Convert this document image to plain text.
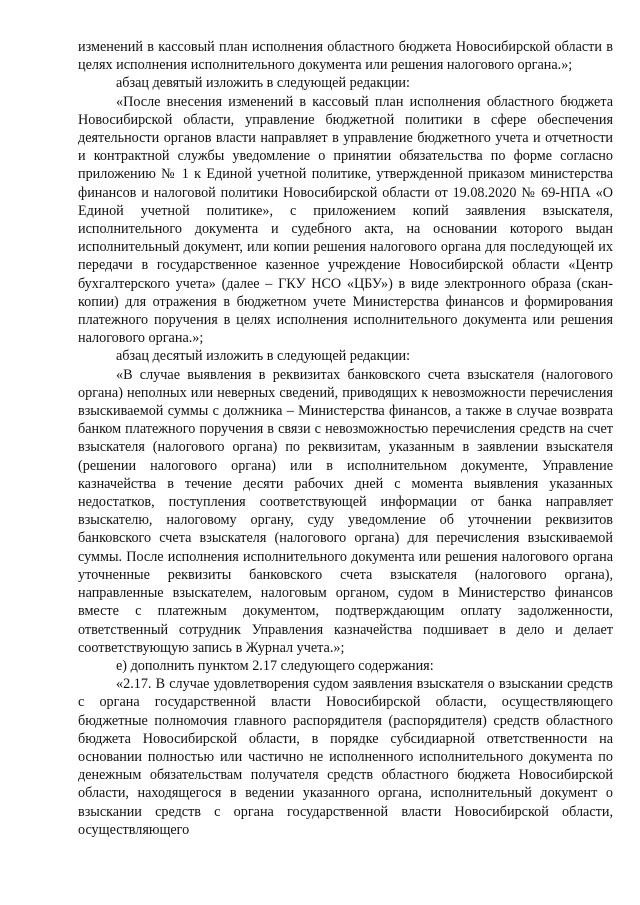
изменений в кассовый план исполнения областного бюджета Новосибирской области в целях исполнения исполнительного документа или решения налогового органа.»;

абзац девятый изложить в следующей редакции:

«После внесения изменений в кассовый план исполнения областного бюджета Новосибирской области, управление бюджетной политики в сфере обеспечения деятельности органов власти направляет в управление бюджетного учета и отчетности и контрактной службы уведомление о принятии обязательства по форме согласно приложению № 1 к Единой учетной политике, утвержденной приказом министерства финансов и налоговой политики Новосибирской области от 19.08.2020 № 69-НПА «О Единой учетной политике», с приложением копий заявления взыскателя, исполнительного документа и судебного акта, на основании которого выдан исполнительный документ, или копии решения налогового органа для последующей их передачи в государственное казенное учреждение Новосибирской области «Центр бухгалтерского учета» (далее – ГКУ НСО «ЦБУ») в виде электронного образа (скан-копии) для отражения в бюджетном учете Министерства финансов и формирования платежного поручения в целях исполнения исполнительного документа или решения налогового органа.»;

абзац десятый изложить в следующей редакции:

«В случае выявления в реквизитах банковского счета взыскателя (налогового органа) неполных или неверных сведений, приводящих к невозможности перечисления взыскиваемой суммы с должника – Министерства финансов, а также в случае возврата банком платежного поручения в связи с невозможностью перечисления средств на счет взыскателя (налогового органа) по реквизитам, указанным в заявлении взыскателя (решении налогового органа) или в исполнительном документе, Управление казначейства в течение десяти рабочих дней с момента выявления указанных недостатков, поступления соответствующей информации от банка направляет взыскателю, налоговому органу, суду уведомление об уточнении реквизитов банковского счета взыскателя (налогового органа) для перечисления взыскиваемой суммы. После исполнения исполнительного документа или решения налогового органа уточненные реквизиты банковского счета взыскателя (налогового органа), направленные взыскателем, налоговым органом, судом в Министерство финансов вместе с платежным документом, подтверждающим оплату задолженности, ответственный сотрудник Управления казначейства подшивает в дело и делает соответствующую запись в Журнал учета.»;

е) дополнить пунктом 2.17 следующего содержания:

«2.17. В случае удовлетворения судом заявления взыскателя о взыскании средств с органа государственной власти Новосибирской области, осуществляющего бюджетные полномочия главного распорядителя (распорядителя) средств областного бюджета Новосибирской области, в порядке субсидиарной ответственности на основании полностью или частично не исполненного исполнительного документа по денежным обязательствам получателя средств областного бюджета Новосибирской области, находящегося в ведении указанного органа, исполнительный документ о взыскании средств с органа государственной власти Новосибирской области, осуществляющего
